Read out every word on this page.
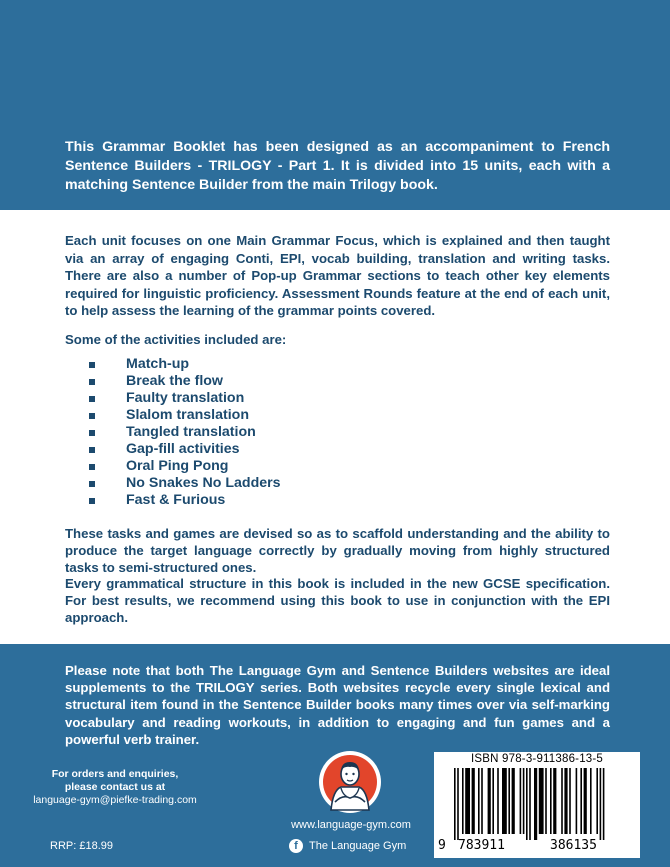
This Grammar Booklet has been designed as an accompaniment to French Sentence Builders - TRILOGY - Part 1. It is divided into 15 units, each with a matching Sentence Builder from the main Trilogy book.

Each unit focuses on one Main Grammar Focus, which is explained and then taught via an array of engaging Conti, EPI, vocab building, translation and writing tasks. There are also a number of Pop-up Grammar sections to teach other key elements required for linguistic proficiency. Assessment Rounds feature at the end of each unit, to help assess the learning of the grammar points covered.

Some of the activities included are:

Match-up
Break the flow
Faulty translation
Slalom translation
Tangled translation
Gap-fill activities
Oral Ping Pong
No Snakes No Ladders
Fast & Furious
These tasks and games are devised so as to scaffold understanding and the ability to produce the target language correctly by gradually moving from highly structured tasks to semi-structured ones.
Every grammatical structure in this book is included in the new GCSE specification. For best results, we recommend using this book to use in conjunction with the EPI approach.

Please note that both The Language Gym and Sentence Builders websites are ideal supplements to the TRILOGY series. Both websites recycle every single lexical and structural item found in the Sentence Builder books many times over via self-marking vocabulary and reading workouts, in addition to engaging and fun games and a powerful verb trainer.

For orders and enquiries,
please contact us at
language-gym@piefke-trading.com
RRP: £18.99
www.language-gym.com
f	The Language Gym
ISBN 978-3-911386-13-5
9 783911	386135
